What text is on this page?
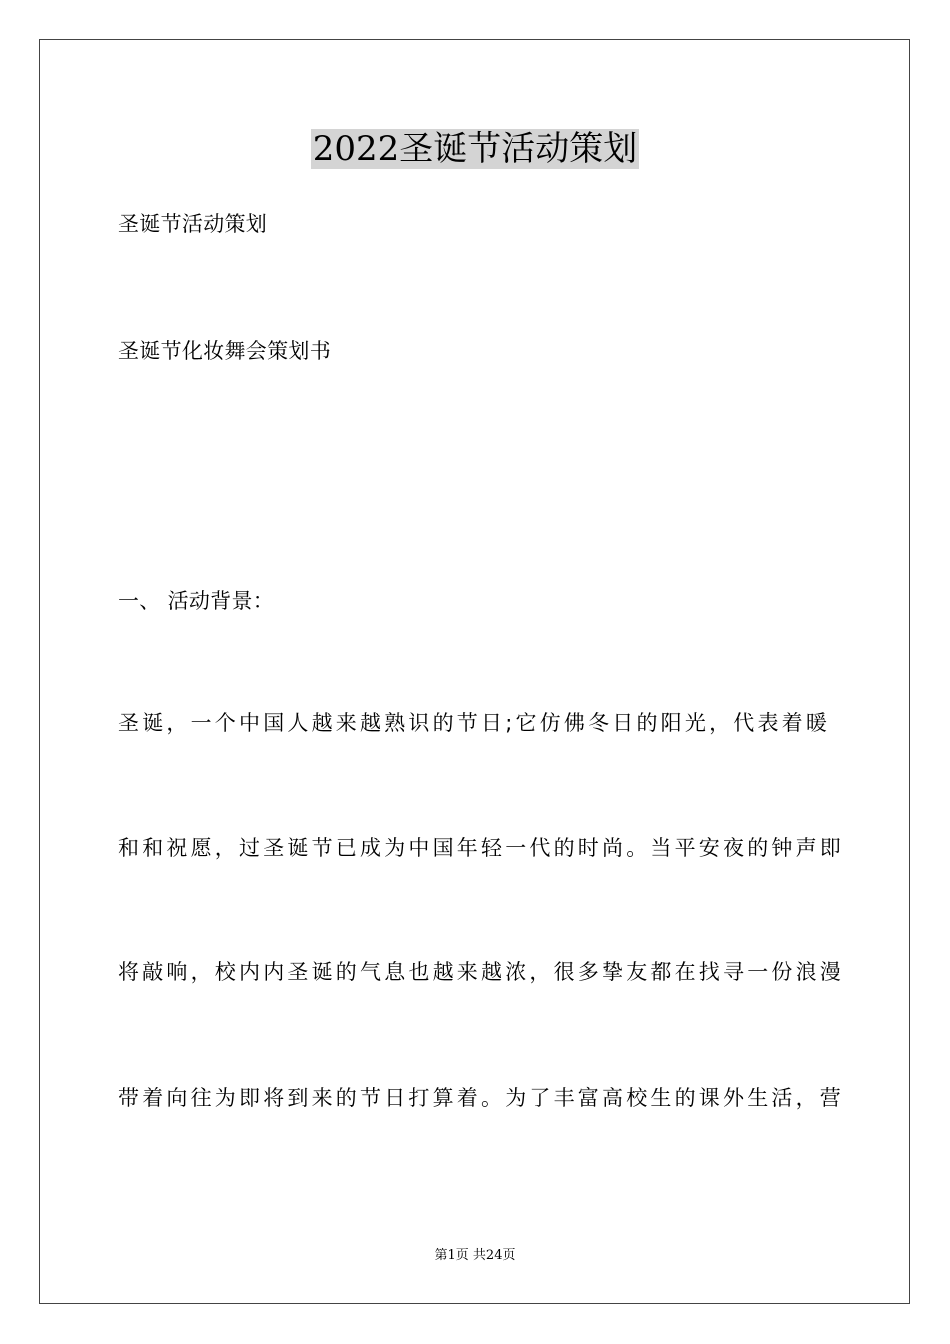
2022圣诞节活动策划
圣诞节活动策划
圣诞节化妆舞会策划书
一、 活动背景：
圣诞，一个中国人越来越熟识的节日;它仿佛冬日的阳光，代表着暖
和和祝愿，过圣诞节已成为中国年轻一代的时尚。当平安夜的钟声即
将敲响，校内内圣诞的气息也越来越浓，很多挚友都在找寻一份浪漫
带着向往为即将到来的节日打算着。为了丰富高校生的课外生活，营
第1页 共24页
